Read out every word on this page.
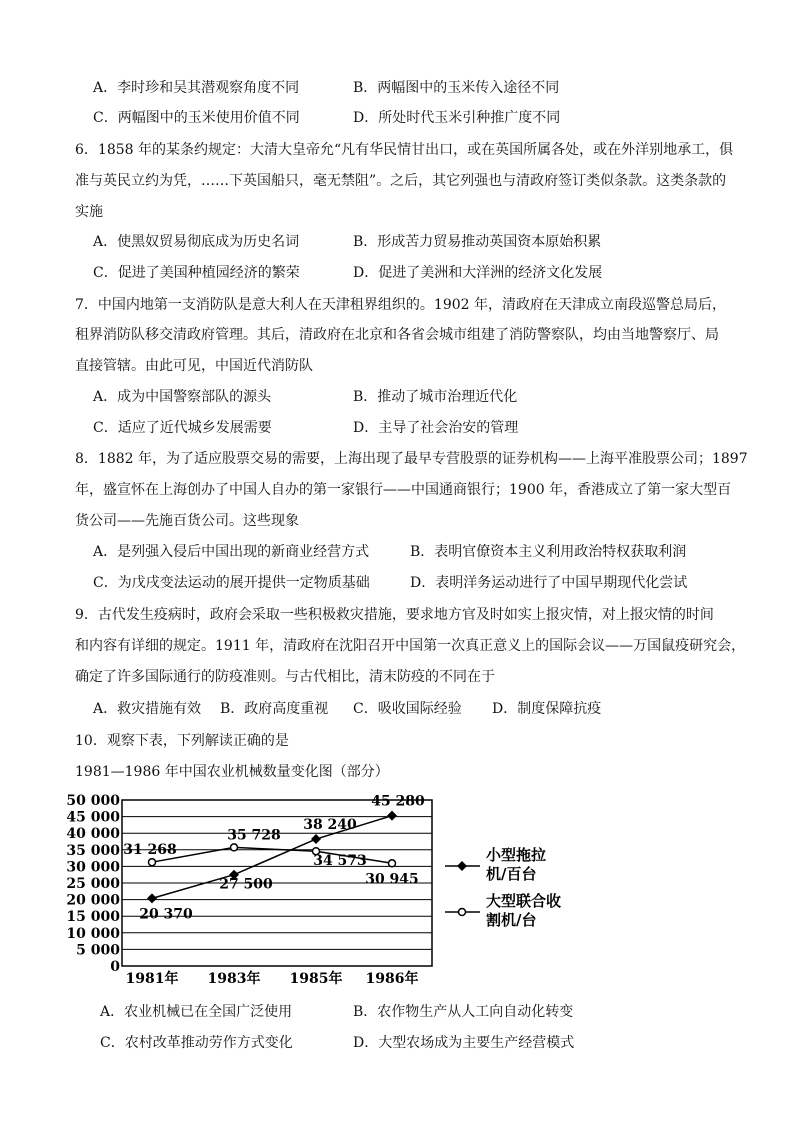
A．李时珍和吴其潜观察角度不同	B．两幅图中的玉米传入途径不同
C．两幅图中的玉米使用价值不同	D．所处时代玉米引种推广度不同
6．1858 年的某条约规定：大清大皇帝允“凡有华民情甘出口，或在英国所属各处，或在外洋别地承工，俱
准与英民立约为凭，……下英国船只，毫无禁阻”。之后，其它列强也与清政府签订类似条款。这类条款的
实施
A．使黑奴贸易彻底成为历史名词	B．形成苦力贸易推动英国资本原始积累
C．促进了美国种植园经济的繁荣	D．促进了美洲和大洋洲的经济文化发展
7．中国内地第一支消防队是意大利人在天津租界组织的。1902 年，清政府在天津成立南段巡警总局后，
租界消防队移交清政府管理。其后，清政府在北京和各省会城市组建了消防警察队，均由当地警察厅、局
直接管辖。由此可见，中国近代消防队
A．成为中国警察部队的源头	B．推动了城市治理近代化
C．适应了近代城乡发展需要	D．主导了社会治安的管理
8．1882 年，为了适应股票交易的需要，上海出现了最早专营股票的证券机构——上海平准股票公司；1897
年，盛宣怀在上海创办了中国人自办的第一家银行——中国通商银行；1900 年，香港成立了第一家大型百
货公司——先施百货公司。这些现象
A．是列强入侵后中国出现的新商业经营方式	B．表明官僚资本主义利用政治特权获取利润
C．为戊戌变法运动的展开提供一定物质基础	D．表明洋务运动进行了中国早期现代化尝试
9．古代发生疫病时，政府会采取一些积极救灾措施，要求地方官及时如实上报灾情，对上报灾情的时间
和内容有详细的规定。1911 年，清政府在沈阳召开中国第一次真正意义上的国际会议——万国鼠疫研究会，
确定了许多国际通行的防疫准则。与古代相比，清末防疫的不同在于
A．救灾措施有效 B．政府高度重视 C．吸收国际经验 D．制度保障抗疫
10．观察下表，下列解读正确的是
1981—1986 年中国农业机械数量变化图（部分）
50 000
45 000
40 000
35 000
30 000
25 000
20 000
15 000
10 000
5 000
0
1981年 1983年 1985年 1986年
20 370
27 500
38 240
45 280
小型拖拉
机/百台
31 268
35 728
34 573
30 945
大型联合收
割机/台
A．农业机械已在全国广泛使用	B．农作物生产从人工向自动化转变
C．农村改革推动劳作方式变化	D．大型农场成为主要生产经营模式
